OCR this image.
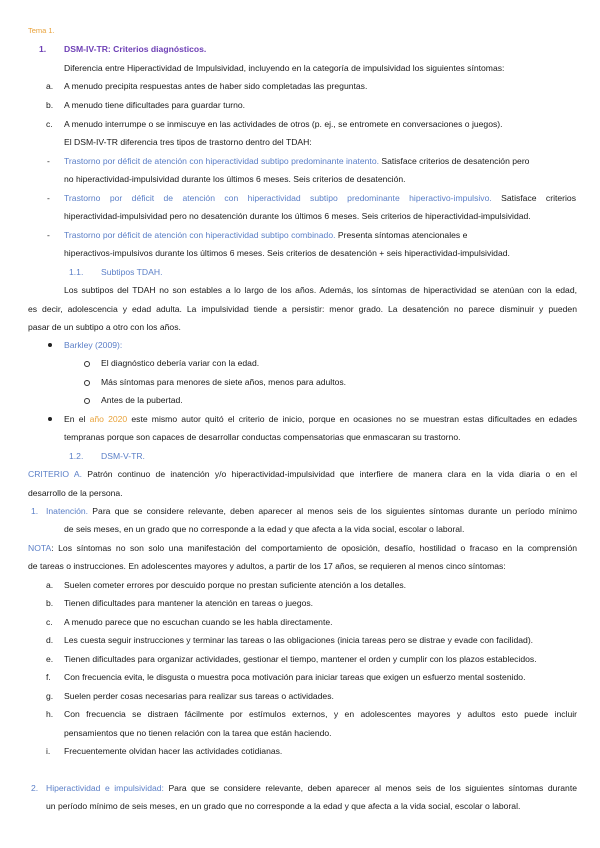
Tema 1.
1. DSM-IV-TR: Criterios diagnósticos.
Diferencia entre Hiperactividad de Impulsividad, incluyendo en la categoría de impulsividad los siguientes síntomas:
a. A menudo precipita respuestas antes de haber sido completadas las preguntas.
b. A menudo tiene dificultades para guardar turno.
c. A menudo interrumpe o se inmiscuye en las actividades de otros (p. ej., se entromete en conversaciones o juegos).
El DSM-IV-TR diferencia tres tipos de trastorno dentro del TDAH:
- Trastorno por déficit de atención con hiperactividad subtipo predominante inatento. Satisface criterios de desatención pero
no hiperactividad-impulsividad durante los últimos 6 meses. Seis criterios de desatención.
- Trastorno por déficit de atención con hiperactividad subtipo predominante hiperactivo-impulsivo. Satisface criterios
hiperactividad-impulsividad pero no desatención durante los últimos 6 meses. Seis criterios de hiperactividad-impulsividad.
- Trastorno por déficit de atención con hiperactividad subtipo combinado. Presenta síntomas atencionales e
hiperactivos-impulsivos durante los últimos 6 meses. Seis criterios de desatención + seis hiperactividad-impulsividad.
1.1. Subtipos TDAH.
Los subtipos del TDAH no son estables a lo largo de los años. Además, los síntomas de hiperactividad se atenúan con la edad,
es decir, adolescencia y edad adulta. La impulsividad tiende a persistir: menor grado. La desatención no parece disminuir y pueden
pasar de un subtipo a otro con los años.
Barkley (2009):
El diagnóstico debería variar con la edad.
Más síntomas para menores de siete años, menos para adultos.
Antes de la pubertad.
En el año 2020 este mismo autor quitó el criterio de inicio, porque en ocasiones no se muestran estas dificultades en edades
tempranas porque son capaces de desarrollar conductas compensatorias que enmascaran su trastorno.
1.2. DSM-V-TR.
CRITERIO A. Patrón continuo de inatención y/o hiperactividad-impulsividad que interfiere de manera clara en la vida diaria o en el
desarrollo de la persona.
1. Inatención. Para que se considere relevante, deben aparecer al menos seis de los siguientes síntomas durante un período mínimo
de seis meses, en un grado que no corresponde a la edad y que afecta a la vida social, escolar o laboral.
NOTA: Los síntomas no son solo una manifestación del comportamiento de oposición, desafío, hostilidad o fracaso en la comprensión
de tareas o instrucciones. En adolescentes mayores y adultos, a partir de los 17 años, se requieren al menos cinco síntomas:
a. Suelen cometer errores por descuido porque no prestan suficiente atención a los detalles.
b. Tienen dificultades para mantener la atención en tareas o juegos.
c. A menudo parece que no escuchan cuando se les habla directamente.
d. Les cuesta seguir instrucciones y terminar las tareas o las obligaciones (inicia tareas pero se distrae y evade con facilidad).
e. Tienen dificultades para organizar actividades, gestionar el tiempo, mantener el orden y cumplir con los plazos establecidos.
f. Con frecuencia evita, le disgusta o muestra poca motivación para iniciar tareas que exigen un esfuerzo mental sostenido.
g. Suelen perder cosas necesarias para realizar sus tareas o actividades.
h. Con frecuencia se distraen fácilmente por estímulos externos, y en adolescentes mayores y adultos esto puede incluir
pensamientos que no tienen relación con la tarea que están haciendo.
i. Frecuentemente olvidan hacer las actividades cotidianas.
2. Hiperactividad e impulsividad: Para que se considere relevante, deben aparecer al menos seis de los siguientes síntomas durante
un período mínimo de seis meses, en un grado que no corresponde a la edad y que afecta a la vida social, escolar o laboral.
